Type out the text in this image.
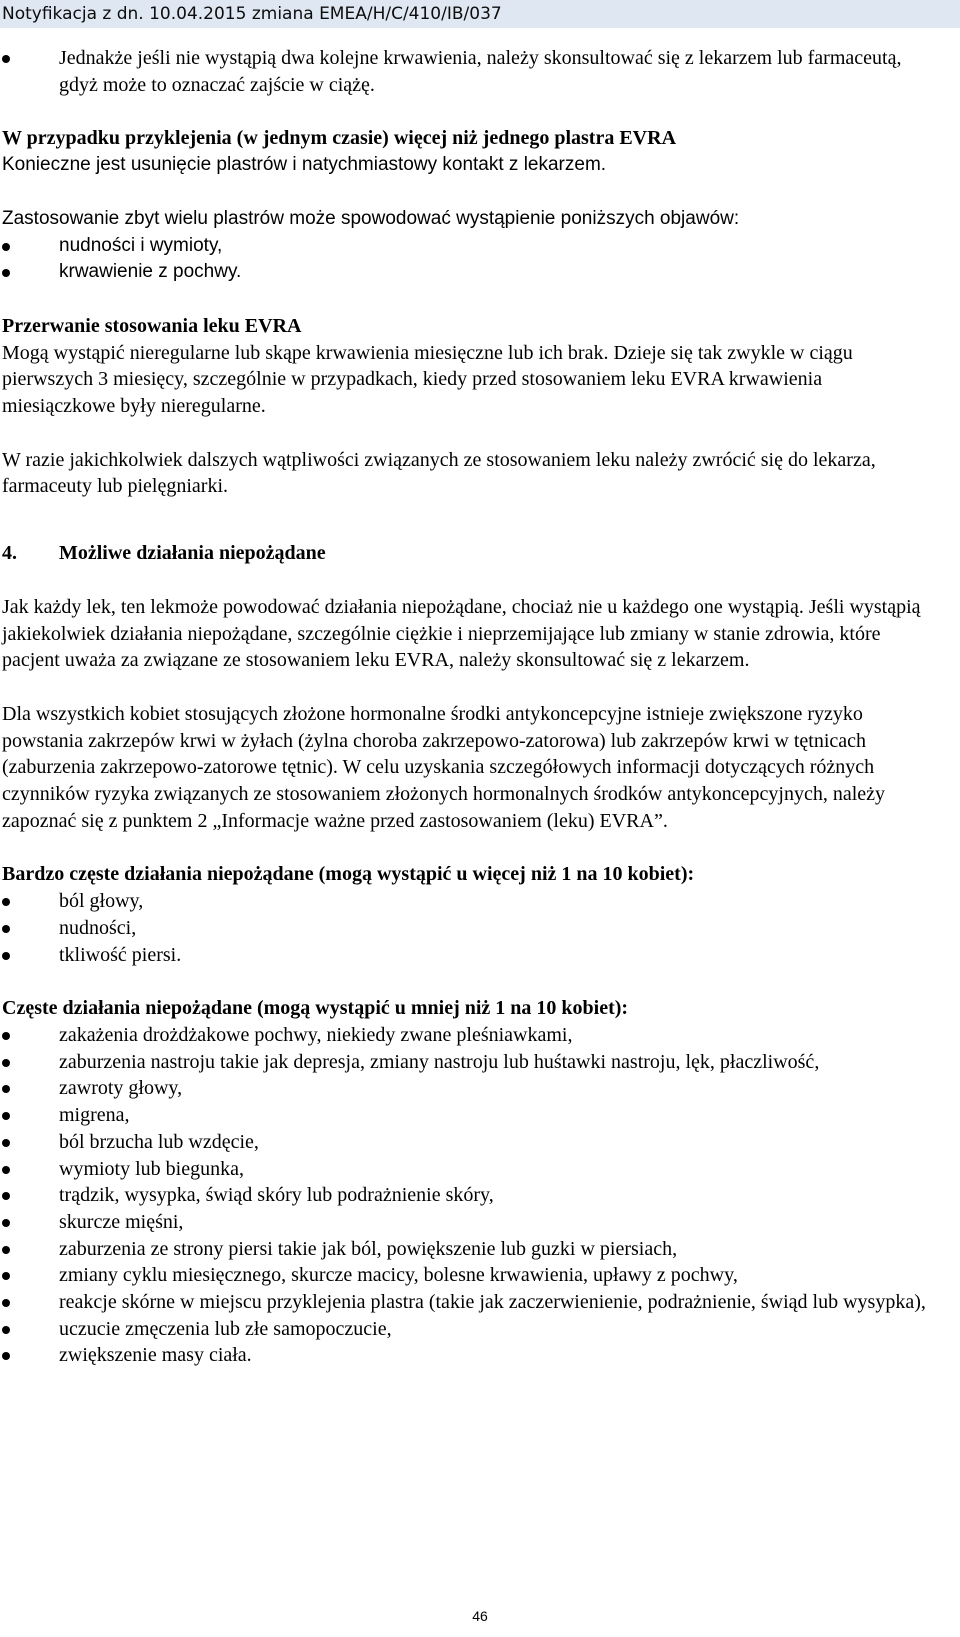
Notyfikacja z dn. 10.04.2015 zmiana EMEA/H/C/410/IB/037
Jednakże jeśli nie wystąpią dwa kolejne krwawienia, należy skonsultować się z lekarzem lub farmaceutą, gdyż może to oznaczać zajście w ciążę.

W przypadku przyklejenia (w jednym czasie) więcej niż jednego plastra EVRA

Konieczne jest usunięcie plastrów i natychmiastowy kontakt z lekarzem.

Zastosowanie zbyt wielu plastrów może spowodować wystąpienie poniższych objawów:

nudności i wymioty,
krwawienie z pochwy.

Przerwanie stosowania leku EVRA

Mogą wystąpić nieregularne lub skąpe krwawienia miesięczne lub ich brak. Dzieje się tak zwykle w ciągu pierwszych 3 miesięcy, szczególnie w przypadkach, kiedy przed stosowaniem leku EVRA krwawienia miesiączkowe były nieregularne.

W razie jakichkolwiek dalszych wątpliwości związanych ze stosowaniem leku należy zwrócić się do lekarza, farmaceuty lub pielęgniarki.

4.	Możliwe działania niepożądane

Jak każdy lek, ten lekmoże powodować działania niepożądane, chociaż nie u każdego one wystąpią. Jeśli wystąpią jakiekolwiek działania niepożądane, szczególnie ciężkie i nieprzemijające lub zmiany w stanie zdrowia, które pacjent uważa za związane ze stosowaniem leku EVRA, należy skonsultować się z lekarzem.

Dla wszystkich kobiet stosujących złożone hormonalne środki antykoncepcyjne istnieje zwiększone ryzyko powstania zakrzepów krwi w żyłach (żylna choroba zakrzepowo-zatorowa) lub zakrzepów krwi w tętnicach (zaburzenia zakrzepowo-zatorowe tętnic). W celu uzyskania szczegółowych informacji dotyczących różnych czynników ryzyka związanych ze stosowaniem złożonych hormonalnych środków antykoncepcyjnych, należy zapoznać się z punktem 2 „Informacje ważne przed zastosowaniem (leku) EVRA”.

Bardzo częste działania niepożądane (mogą wystąpić u więcej niż 1 na 10 kobiet):

ból głowy,
nudności,
tkliwość piersi.

Częste działania niepożądane (mogą wystąpić u mniej niż 1 na 10 kobiet):

zakażenia drożdżakowe pochwy, niekiedy zwane pleśniawkami,
zaburzenia nastroju takie jak depresja, zmiany nastroju lub huśtawki nastroju, lęk, płaczliwość,
zawroty głowy,
migrena,
ból brzucha lub wzdęcie,
wymioty lub biegunka,
trądzik, wysypka, świąd skóry lub podrażnienie skóry,
skurcze mięśni,
zaburzenia ze strony piersi takie jak ból, powiększenie lub guzki w piersiach,
zmiany cyklu miesięcznego, skurcze macicy, bolesne krwawienia, upławy z pochwy,
reakcje skórne w miejscu przyklejenia plastra (takie jak zaczerwienienie, podrażnienie, świąd lub wysypka),
uczucie zmęczenia lub złe samopoczucie,
zwiększenie masy ciała.
46
